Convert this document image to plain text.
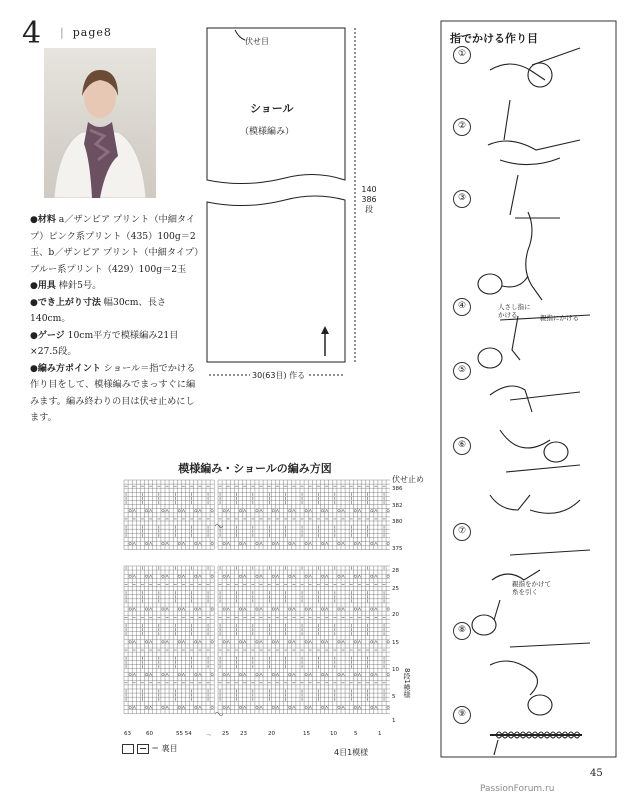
4
|	page8

●材料 a／ザンビア プリント（中細タイプ）ピンク系プリント（435）100g＝2玉、b／ザンビア プリント（中細タイプ）ブルー系プリント（429）100g＝2玉

●用具 棒針5号。

●でき上がり寸法 幅30cm、長さ140cm。

●ゲージ 10cm平方で模様編み21目×27.5段。

●編み方ポイント ショール＝指でかける作り目をして、模様編みでまっすぐに編みます。編み終わりの目は伏せ止めにします。

伏せ目
ショール
（模様編み）
140
386
段
30(63目) 作る
模様編み・ショールの編み方図
伏せ止め
386
382
380
375
28
25
20
15
10
5
1
8段1模様
63	60	55 54	〜 25 23	20	15	10	5	1
4目1模様

＝ 裏目
指でかける作り目
①
②
③
④
⑤
⑥
⑦
⑧
⑨
人さし指にかける	親指にかける
親指をかけて糸を引く
45
PassionForum.ru
